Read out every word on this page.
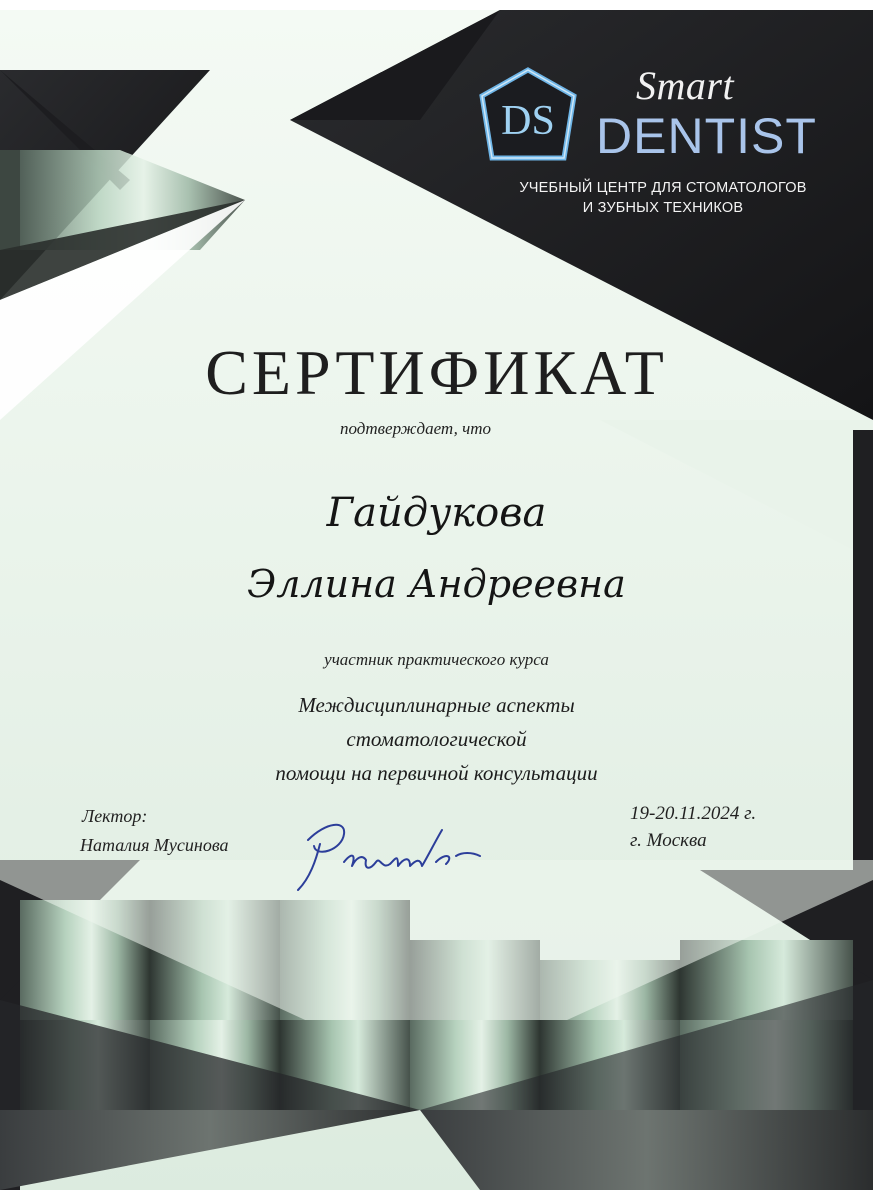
DS
Smart
DENTIST
УЧЕБНЫЙ ЦЕНТР ДЛЯ СТОМАТОЛОГОВ
И ЗУБНЫХ ТЕХНИКОВ
СЕРТИФИКАТ
подтверждает, что
Гайдукова
Эллина Андреевна
участник практического курса
Междисциплинарные аспекты
стоматологической
помощи на первичной консультации
Лектор:
Наталия Мусинова
19-20.11.2024 г.
г. Москва
